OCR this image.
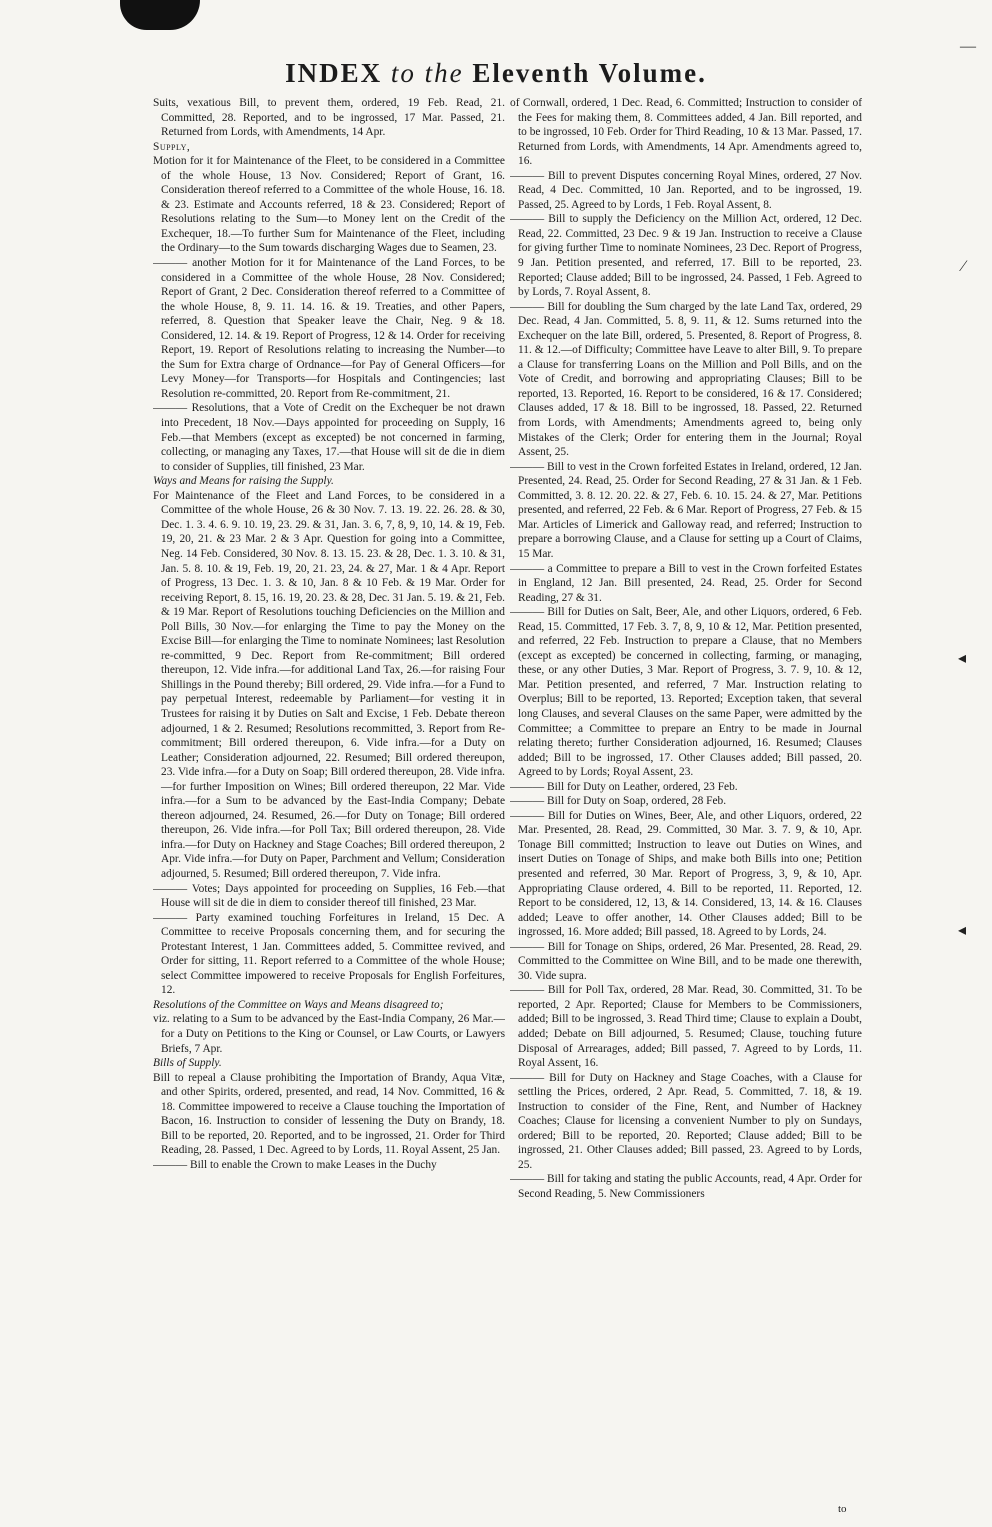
INDEX to the Eleventh Volume.

Suits, vexatious Bill, to prevent them, ordered, 19 Feb. Read, 21. Committed, 28. Reported, and to be ingrossed, 17 Mar. Passed, 21. Returned from Lords, with Amendments, 14 Apr.

Supply,

Motion for it for Maintenance of the Fleet, to be considered in a Committee of the whole House, 13 Nov. Considered; Report of Grant, 16. Consideration thereof referred to a Committee of the whole House, 16. 18. & 23. Estimate and Accounts referred, 18 & 23. Considered; Report of Resolutions relating to the Sum—to Money lent on the Credit of the Exchequer, 18.—To further Sum for Maintenance of the Fleet, including the Ordinary—to the Sum towards discharging Wages due to Seamen, 23.

——— another Motion for it for Maintenance of the Land Forces, to be considered in a Committee of the whole House, 28 Nov. Considered; Report of Grant, 2 Dec. Consideration thereof referred to a Committee of the whole House, 8, 9. 11. 14. 16. & 19. Treaties, and other Papers, referred, 8. Question that Speaker leave the Chair, Neg. 9 & 18. Considered, 12. 14. & 19. Report of Progress, 12 & 14. Order for receiving Report, 19. Report of Resolutions relating to increasing the Number—to the Sum for Extra charge of Ordnance—for Pay of General Officers—for Levy Money—for Transports—for Hospitals and Contingencies; last Resolution re-committed, 20. Report from Re-commitment, 21.

——— Resolutions, that a Vote of Credit on the Exchequer be not drawn into Precedent, 18 Nov.—Days appointed for proceeding on Supply, 16 Feb.—that Members (except as excepted) be not concerned in farming, collecting, or managing any Taxes, 17.—that House will sit de die in diem to consider of Supplies, till finished, 23 Mar.

Ways and Means for raising the Supply.

For Maintenance of the Fleet and Land Forces, to be considered in a Committee of the whole House, 26 & 30 Nov. 7. 13. 19. 22. 26. 28. & 30, Dec. 1. 3. 4. 6. 9. 10. 19, 23. 29. & 31, Jan. 3. 6, 7, 8, 9, 10, 14. & 19, Feb. 19, 20, 21. & 23 Mar. 2 & 3 Apr. Question for going into a Committee, Neg. 14 Feb. Considered, 30 Nov. 8. 13. 15. 23. & 28, Dec. 1. 3. 10. & 31, Jan. 5. 8. 10. & 19, Feb. 19, 20, 21. 23, 24. & 27, Mar. 1 & 4 Apr. Report of Progress, 13 Dec. 1. 3. & 10, Jan. 8 & 10 Feb. & 19 Mar. Order for receiving Report, 8. 15, 16. 19, 20. 23. & 28, Dec. 31 Jan. 5. 19. & 21, Feb. & 19 Mar. Report of Resolutions touching Deficiencies on the Million and Poll Bills, 30 Nov.—for enlarging the Time to pay the Money on the Excise Bill—for enlarging the Time to nominate Nominees; last Resolution re-committed, 9 Dec. Report from Re-commitment; Bill ordered thereupon, 12. Vide infra.—for additional Land Tax, 26.—for raising Four Shillings in the Pound thereby; Bill ordered, 29. Vide infra.—for a Fund to pay perpetual Interest, redeemable by Parliament—for vesting it in Trustees for raising it by Duties on Salt and Excise, 1 Feb. Debate thereon adjourned, 1 & 2. Resumed; Resolutions recommitted, 3. Report from Re-commitment; Bill ordered thereupon, 6. Vide infra.—for a Duty on Leather; Consideration adjourned, 22. Resumed; Bill ordered thereupon, 23. Vide infra.—for a Duty on Soap; Bill ordered thereupon, 28. Vide infra.—for further Imposition on Wines; Bill ordered thereupon, 22 Mar. Vide infra.—for a Sum to be advanced by the East-India Company; Debate thereon adjourned, 24. Resumed, 26.—for Duty on Tonage; Bill ordered thereupon, 26. Vide infra.—for Poll Tax; Bill ordered thereupon, 28. Vide infra.—for Duty on Hackney and Stage Coaches; Bill ordered thereupon, 2 Apr. Vide infra.—for Duty on Paper, Parchment and Vellum; Consideration adjourned, 5. Resumed; Bill ordered thereupon, 7. Vide infra.

——— Votes; Days appointed for proceeding on Supplies, 16 Feb.—that House will sit de die in diem to consider thereof till finished, 23 Mar.

——— Party examined touching Forfeitures in Ireland, 15 Dec. A Committee to receive Proposals concerning them, and for securing the Protestant Interest, 1 Jan. Committees added, 5. Committee revived, and Order for sitting, 11. Report referred to a Committee of the whole House; select Committee impowered to receive Proposals for English Forfeitures, 12.

Resolutions of the Committee on Ways and Means disagreed to;

viz. relating to a Sum to be advanced by the East-India Company, 26 Mar.—for a Duty on Petitions to the King or Counsel, or Law Courts, or Lawyers Briefs, 7 Apr.

Bills of Supply.

Bill to repeal a Clause prohibiting the Importation of Brandy, Aqua Vitæ, and other Spirits, ordered, presented, and read, 14 Nov. Committed, 16 & 18. Committee impowered to receive a Clause touching the Importation of Bacon, 16. Instruction to consider of lessening the Duty on Brandy, 18. Bill to be reported, 20. Reported, and to be ingrossed, 21. Order for Third Reading, 28. Passed, 1 Dec. Agreed to by Lords, 11. Royal Assent, 25 Jan.

——— Bill to enable the Crown to make Leases in the Duchy

of Cornwall, ordered, 1 Dec. Read, 6. Committed; Instruction to consider of the Fees for making them, 8. Committees added, 4 Jan. Bill reported, and to be ingrossed, 10 Feb. Order for Third Reading, 10 & 13 Mar. Passed, 17. Returned from Lords, with Amendments, 14 Apr. Amendments agreed to, 16.

——— Bill to prevent Disputes concerning Royal Mines, ordered, 27 Nov. Read, 4 Dec. Committed, 10 Jan. Reported, and to be ingrossed, 19. Passed, 25. Agreed to by Lords, 1 Feb. Royal Assent, 8.

——— Bill to supply the Deficiency on the Million Act, ordered, 12 Dec. Read, 22. Committed, 23 Dec. 9 & 19 Jan. Instruction to receive a Clause for giving further Time to nominate Nominees, 23 Dec. Report of Progress, 9 Jan. Petition presented, and referred, 17. Bill to be reported, 23. Reported; Clause added; Bill to be ingrossed, 24. Passed, 1 Feb. Agreed to by Lords, 7. Royal Assent, 8.

——— Bill for doubling the Sum charged by the late Land Tax, ordered, 29 Dec. Read, 4 Jan. Committed, 5. 8, 9. 11, & 12. Sums returned into the Exchequer on the late Bill, ordered, 5. Presented, 8. Report of Progress, 8. 11. & 12.—of Difficulty; Committee have Leave to alter Bill, 9. To prepare a Clause for transferring Loans on the Million and Poll Bills, and on the Vote of Credit, and borrowing and appropriating Clauses; Bill to be reported, 13. Reported, 16. Report to be considered, 16 & 17. Considered; Clauses added, 17 & 18. Bill to be ingrossed, 18. Passed, 22. Returned from Lords, with Amendments; Amendments agreed to, being only Mistakes of the Clerk; Order for entering them in the Journal; Royal Assent, 25.

——— Bill to vest in the Crown forfeited Estates in Ireland, ordered, 12 Jan. Presented, 24. Read, 25. Order for Second Reading, 27 & 31 Jan. & 1 Feb. Committed, 3. 8. 12. 20. 22. & 27, Feb. 6. 10. 15. 24. & 27, Mar. Petitions presented, and referred, 22 Feb. & 6 Mar. Report of Progress, 27 Feb. & 15 Mar. Articles of Limerick and Galloway read, and referred; Instruction to prepare a borrowing Clause, and a Clause for setting up a Court of Claims, 15 Mar.

——— a Committee to prepare a Bill to vest in the Crown forfeited Estates in England, 12 Jan. Bill presented, 24. Read, 25. Order for Second Reading, 27 & 31.

——— Bill for Duties on Salt, Beer, Ale, and other Liquors, ordered, 6 Feb. Read, 15. Committed, 17 Feb. 3. 7, 8, 9, 10 & 12, Mar. Petition presented, and referred, 22 Feb. Instruction to prepare a Clause, that no Members (except as excepted) be concerned in collecting, farming, or managing, these, or any other Duties, 3 Mar. Report of Progress, 3. 7. 9, 10. & 12, Mar. Petition presented, and referred, 7 Mar. Instruction relating to Overplus; Bill to be reported, 13. Reported; Exception taken, that several long Clauses, and several Clauses on the same Paper, were admitted by the Committee; a Committee to prepare an Entry to be made in Journal relating thereto; further Consideration adjourned, 16. Resumed; Clauses added; Bill to be ingrossed, 17. Other Clauses added; Bill passed, 20. Agreed to by Lords; Royal Assent, 23.

——— Bill for Duty on Leather, ordered, 23 Feb.

——— Bill for Duty on Soap, ordered, 28 Feb.

——— Bill for Duties on Wines, Beer, Ale, and other Liquors, ordered, 22 Mar. Presented, 28. Read, 29. Committed, 30 Mar. 3. 7. 9, & 10, Apr. Tonage Bill committed; Instruction to leave out Duties on Wines, and insert Duties on Tonage of Ships, and make both Bills into one; Petition presented and referred, 30 Mar. Report of Progress, 3, 9, & 10, Apr. Appropriating Clause ordered, 4. Bill to be reported, 11. Reported, 12. Report to be considered, 12, 13, & 14. Considered, 13, 14. & 16. Clauses added; Leave to offer another, 14. Other Clauses added; Bill to be ingrossed, 16. More added; Bill passed, 18. Agreed to by Lords, 24.

——— Bill for Tonage on Ships, ordered, 26 Mar. Presented, 28. Read, 29. Committed to the Committee on Wine Bill, and to be made one therewith, 30. Vide supra.

——— Bill for Poll Tax, ordered, 28 Mar. Read, 30. Committed, 31. To be reported, 2 Apr. Reported; Clause for Members to be Commissioners, added; Bill to be ingrossed, 3. Read Third time; Clause to explain a Doubt, added; Debate on Bill adjourned, 5. Resumed; Clause, touching future Disposal of Arrearages, added; Bill passed, 7. Agreed to by Lords, 11. Royal Assent, 16.

——— Bill for Duty on Hackney and Stage Coaches, with a Clause for settling the Prices, ordered, 2 Apr. Read, 5. Committed, 7. 18, & 19. Instruction to consider of the Fine, Rent, and Number of Hackney Coaches; Clause for licensing a convenient Number to ply on Sundays, ordered; Bill to be reported, 20. Reported; Clause added; Bill to be ingrossed, 21. Other Clauses added; Bill passed, 23. Agreed to by Lords, 25.

——— Bill for taking and stating the public Accounts, read, 4 Apr. Order for Second Reading, 5. New Commissioners

to
—
⁄
◂
◂
